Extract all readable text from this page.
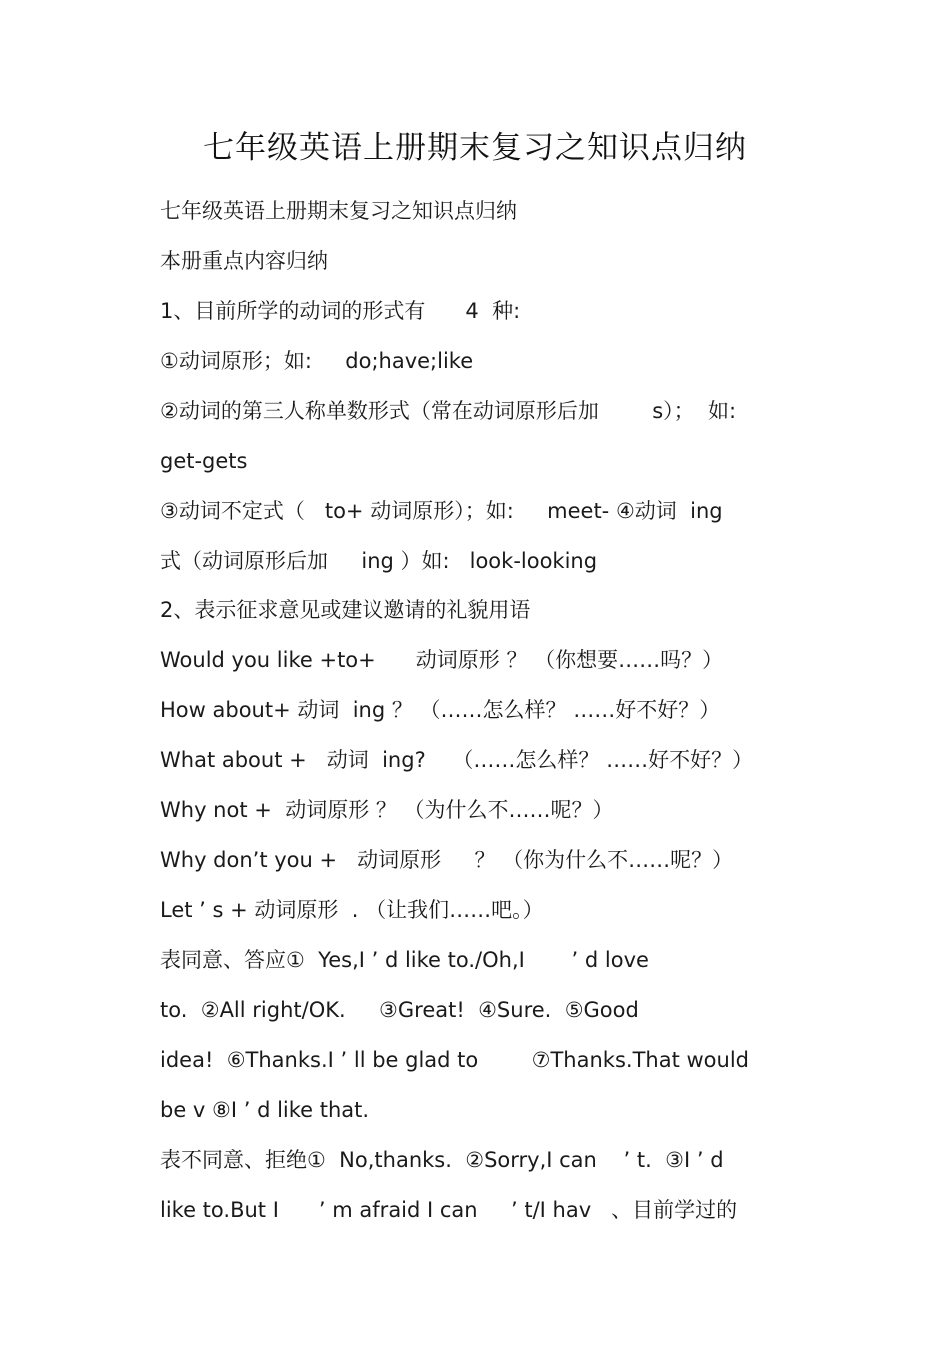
七年级英语上册期末复习之知识点归纳
七年级英语上册期末复习之知识点归纳
本册重点内容归纳
1、目前所学的动词的形式有      4  种:
①动词原形；如:     do;have;like
②动词的第三人称单数形式（常在动词原形后加        s）；  如:
get-gets
③动词不定式（   to+ 动词原形）；如:     meet- ④动词  ing
式（动词原形后加     ing ）如:   look-looking
2、表示征求意见或建议邀请的礼貌用语
Would you like +to+      动词原形 ？ （你想要……吗？）
How about+ 动词  ing ？ （……怎么样？ ……好不好？）
What about +   动词  ing?    （……怎么样？ ……好不好？）
Why not +  动词原形 ？ （为什么不……呢？）
Why don’t you +   动词原形     ？ （你为什么不……呢？）
Let ’ s + 动词原形  . （让我们……吧。）
表同意、答应①  Yes,I ’ d like to./Oh,I       ’ d love
to.  ②All right/OK.     ③Great!  ④Sure.  ⑤Good
idea!  ⑥Thanks.I ’ ll be glad to        ⑦Thanks.That would
be v ⑧I ’ d like that.
表不同意、拒绝①  No,thanks.  ②Sorry,I can    ’ t.  ③I ’ d
like to.But I      ’ m afraid I can     ’ t/I hav   、目前学过的
